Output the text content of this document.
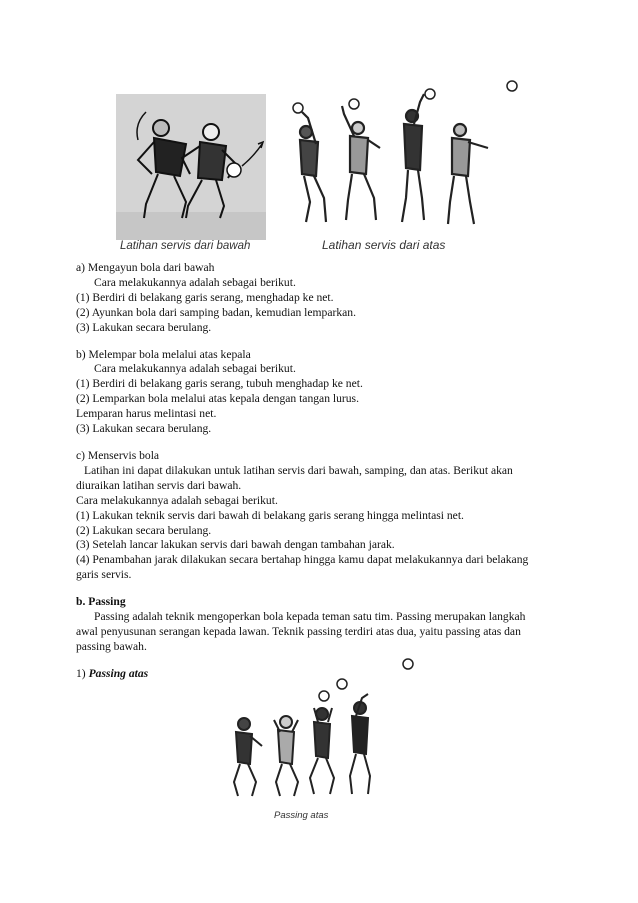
Latihan servis dari bawah	Latihan servis dari atas

a) Mengayun bola dari bawah

Cara melakukannya adalah sebagai berikut.

(1) Berdiri di belakang garis serang, menghadap ke net.

(2) Ayunkan bola dari samping badan, kemudian lemparkan.

(3) Lakukan secara berulang.

b) Melempar bola melalui atas kepala

Cara melakukannya adalah sebagai berikut.

(1) Berdiri di belakang garis serang, tubuh menghadap ke net.

(2) Lemparkan bola melalui atas kepala dengan tangan lurus.

Lemparan harus melintasi net.

(3) Lakukan secara berulang.

c) Menservis bola

Latihan ini dapat dilakukan untuk latihan servis dari bawah, samping, dan atas. Berikut akan

diuraikan latihan servis dari bawah.

Cara melakukannya adalah sebagai berikut.

(1) Lakukan teknik servis dari bawah di belakang garis serang hingga melintasi net.

(2) Lakukan secara berulang.

(3) Setelah lancar lakukan servis dari bawah dengan tambahan jarak.

(4) Penambahan jarak dilakukan secara bertahap hingga kamu dapat melakukannya dari belakang

garis servis.

b. Passing

Passing adalah teknik mengoperkan bola kepada teman satu tim. Passing merupakan langkah

awal penyusunan serangan kepada lawan. Teknik passing terdiri atas dua, yaitu passing atas dan

passing bawah.

1) Passing atas

Passing atas
